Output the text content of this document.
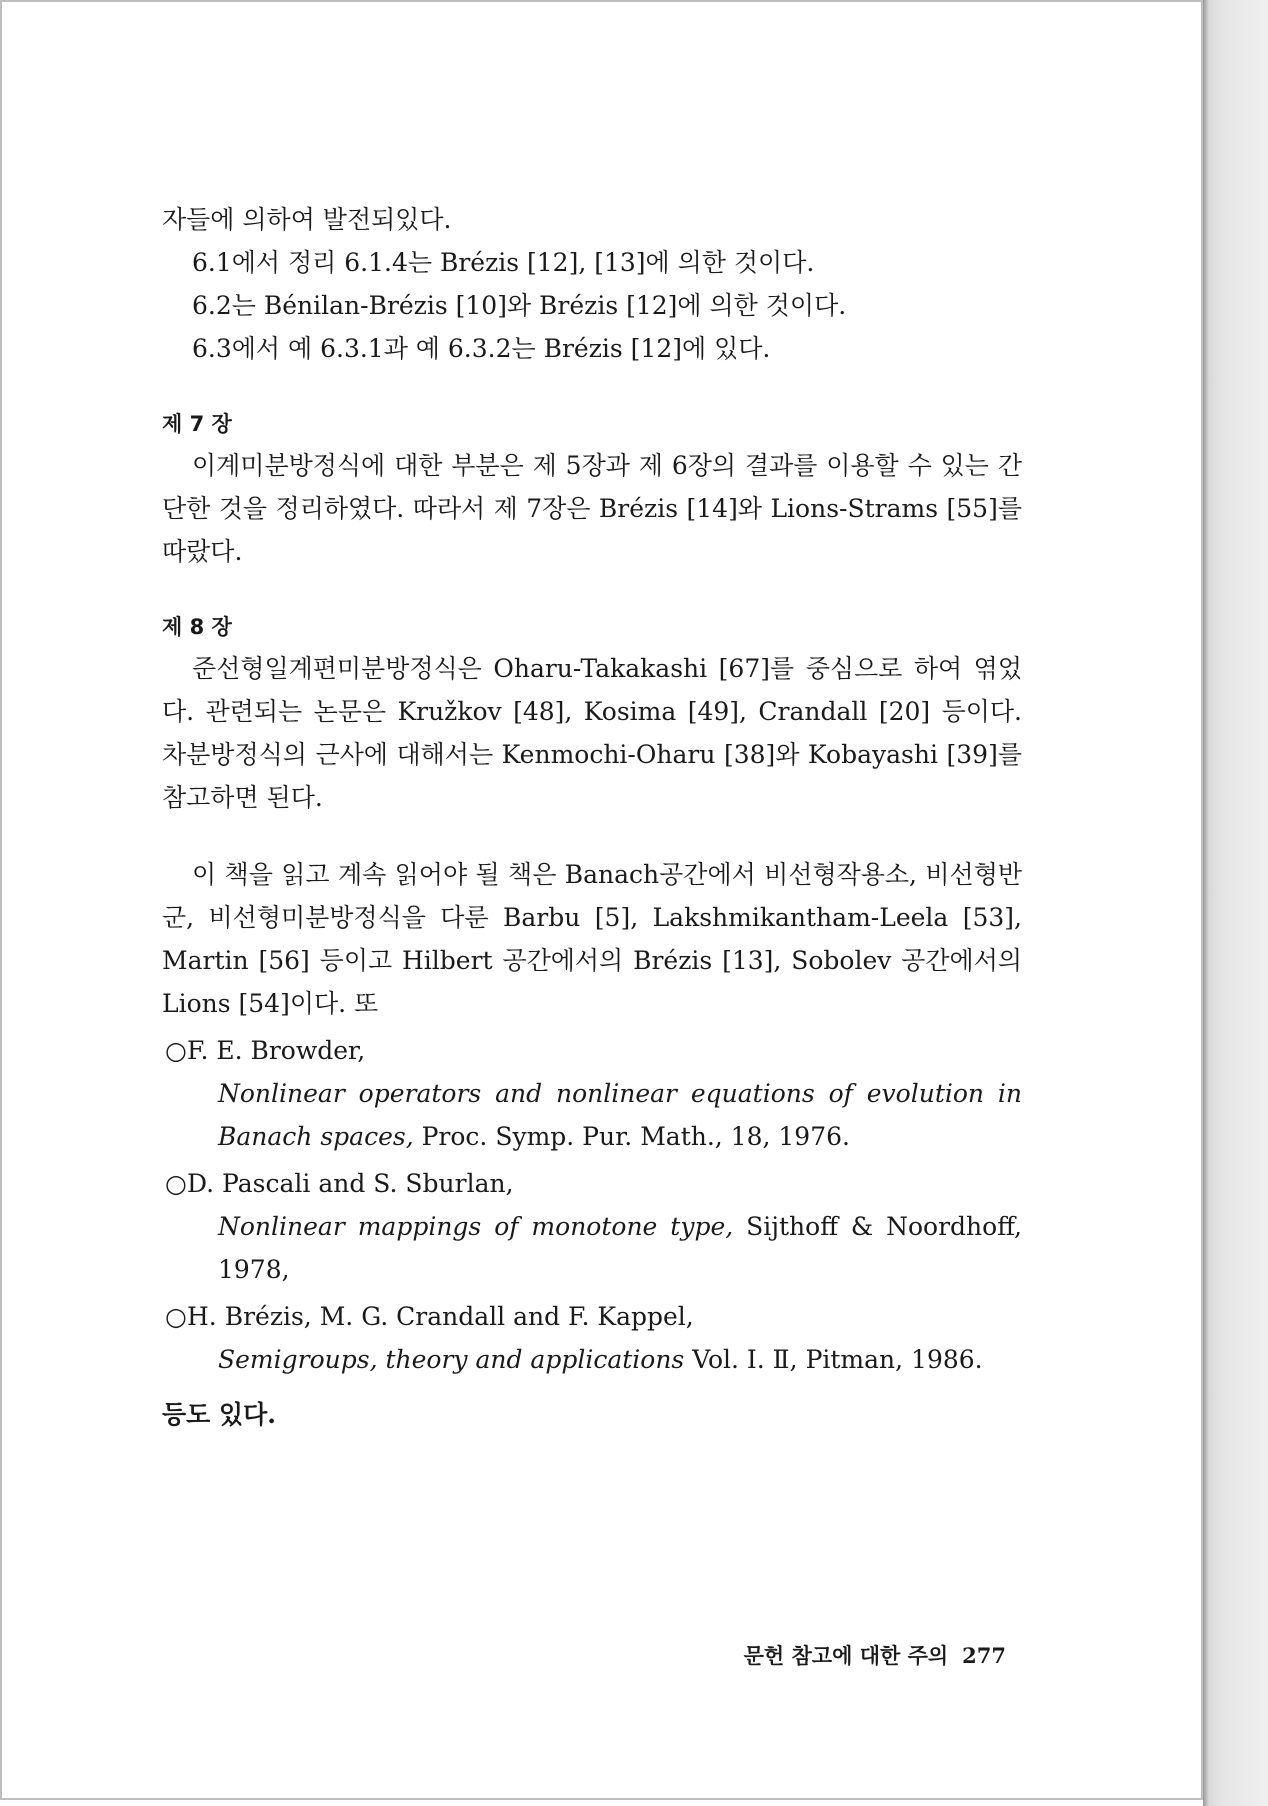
자들에 의하여 발전되있다.

6.1에서 정리 6.1.4는 Brézis [12], [13]에 의한 것이다.

6.2는 Bénilan-Brézis [10]와 Brézis [12]에 의한 것이다.

6.3에서 예 6.3.1과 예 6.3.2는 Brézis [12]에 있다.

제 7 장

이계미분방정식에 대한 부분은 제 5장과 제 6장의 결과를 이용할 수 있는 간단한 것을 정리하였다. 따라서 제 7장은 Brézis [14]와 Lions-Strams [55]를 따랐다.

제 8 장

준선형일계편미분방정식은 Oharu-Takakashi [67]를 중심으로 하여 엮었다. 관련되는 논문은 Kružkov [48], Kosima [49], Crandall [20] 등이다. 차분방정식의 근사에 대해서는 Kenmochi-Oharu [38]와 Kobayashi [39]를 참고하면 된다.

이 책을 읽고 계속 읽어야 될 책은 Banach공간에서 비선형작용소, 비선형반군, 비선형미분방정식을 다룬 Barbu [5], Lakshmikantham-Leela [53], Martin [56] 등이고 Hilbert 공간에서의 Brézis [13], Sobolev 공간에서의 Lions [54]이다. 또

○ F. E. Browder,

Nonlinear operators and nonlinear equations of evolution in Banach spaces, Proc. Symp. Pur. Math., 18, 1976.

○ D. Pascali and S. Sburlan,

Nonlinear mappings of monotone type, Sijthoff & Noordhoff, 1978,

○ H. Brézis, M. G. Crandall and F. Kappel,

Semigroups, theory and applications Vol. Ⅰ. Ⅱ, Pitman, 1986.

등도 있다.

문헌 참고에 대한 주의 277
